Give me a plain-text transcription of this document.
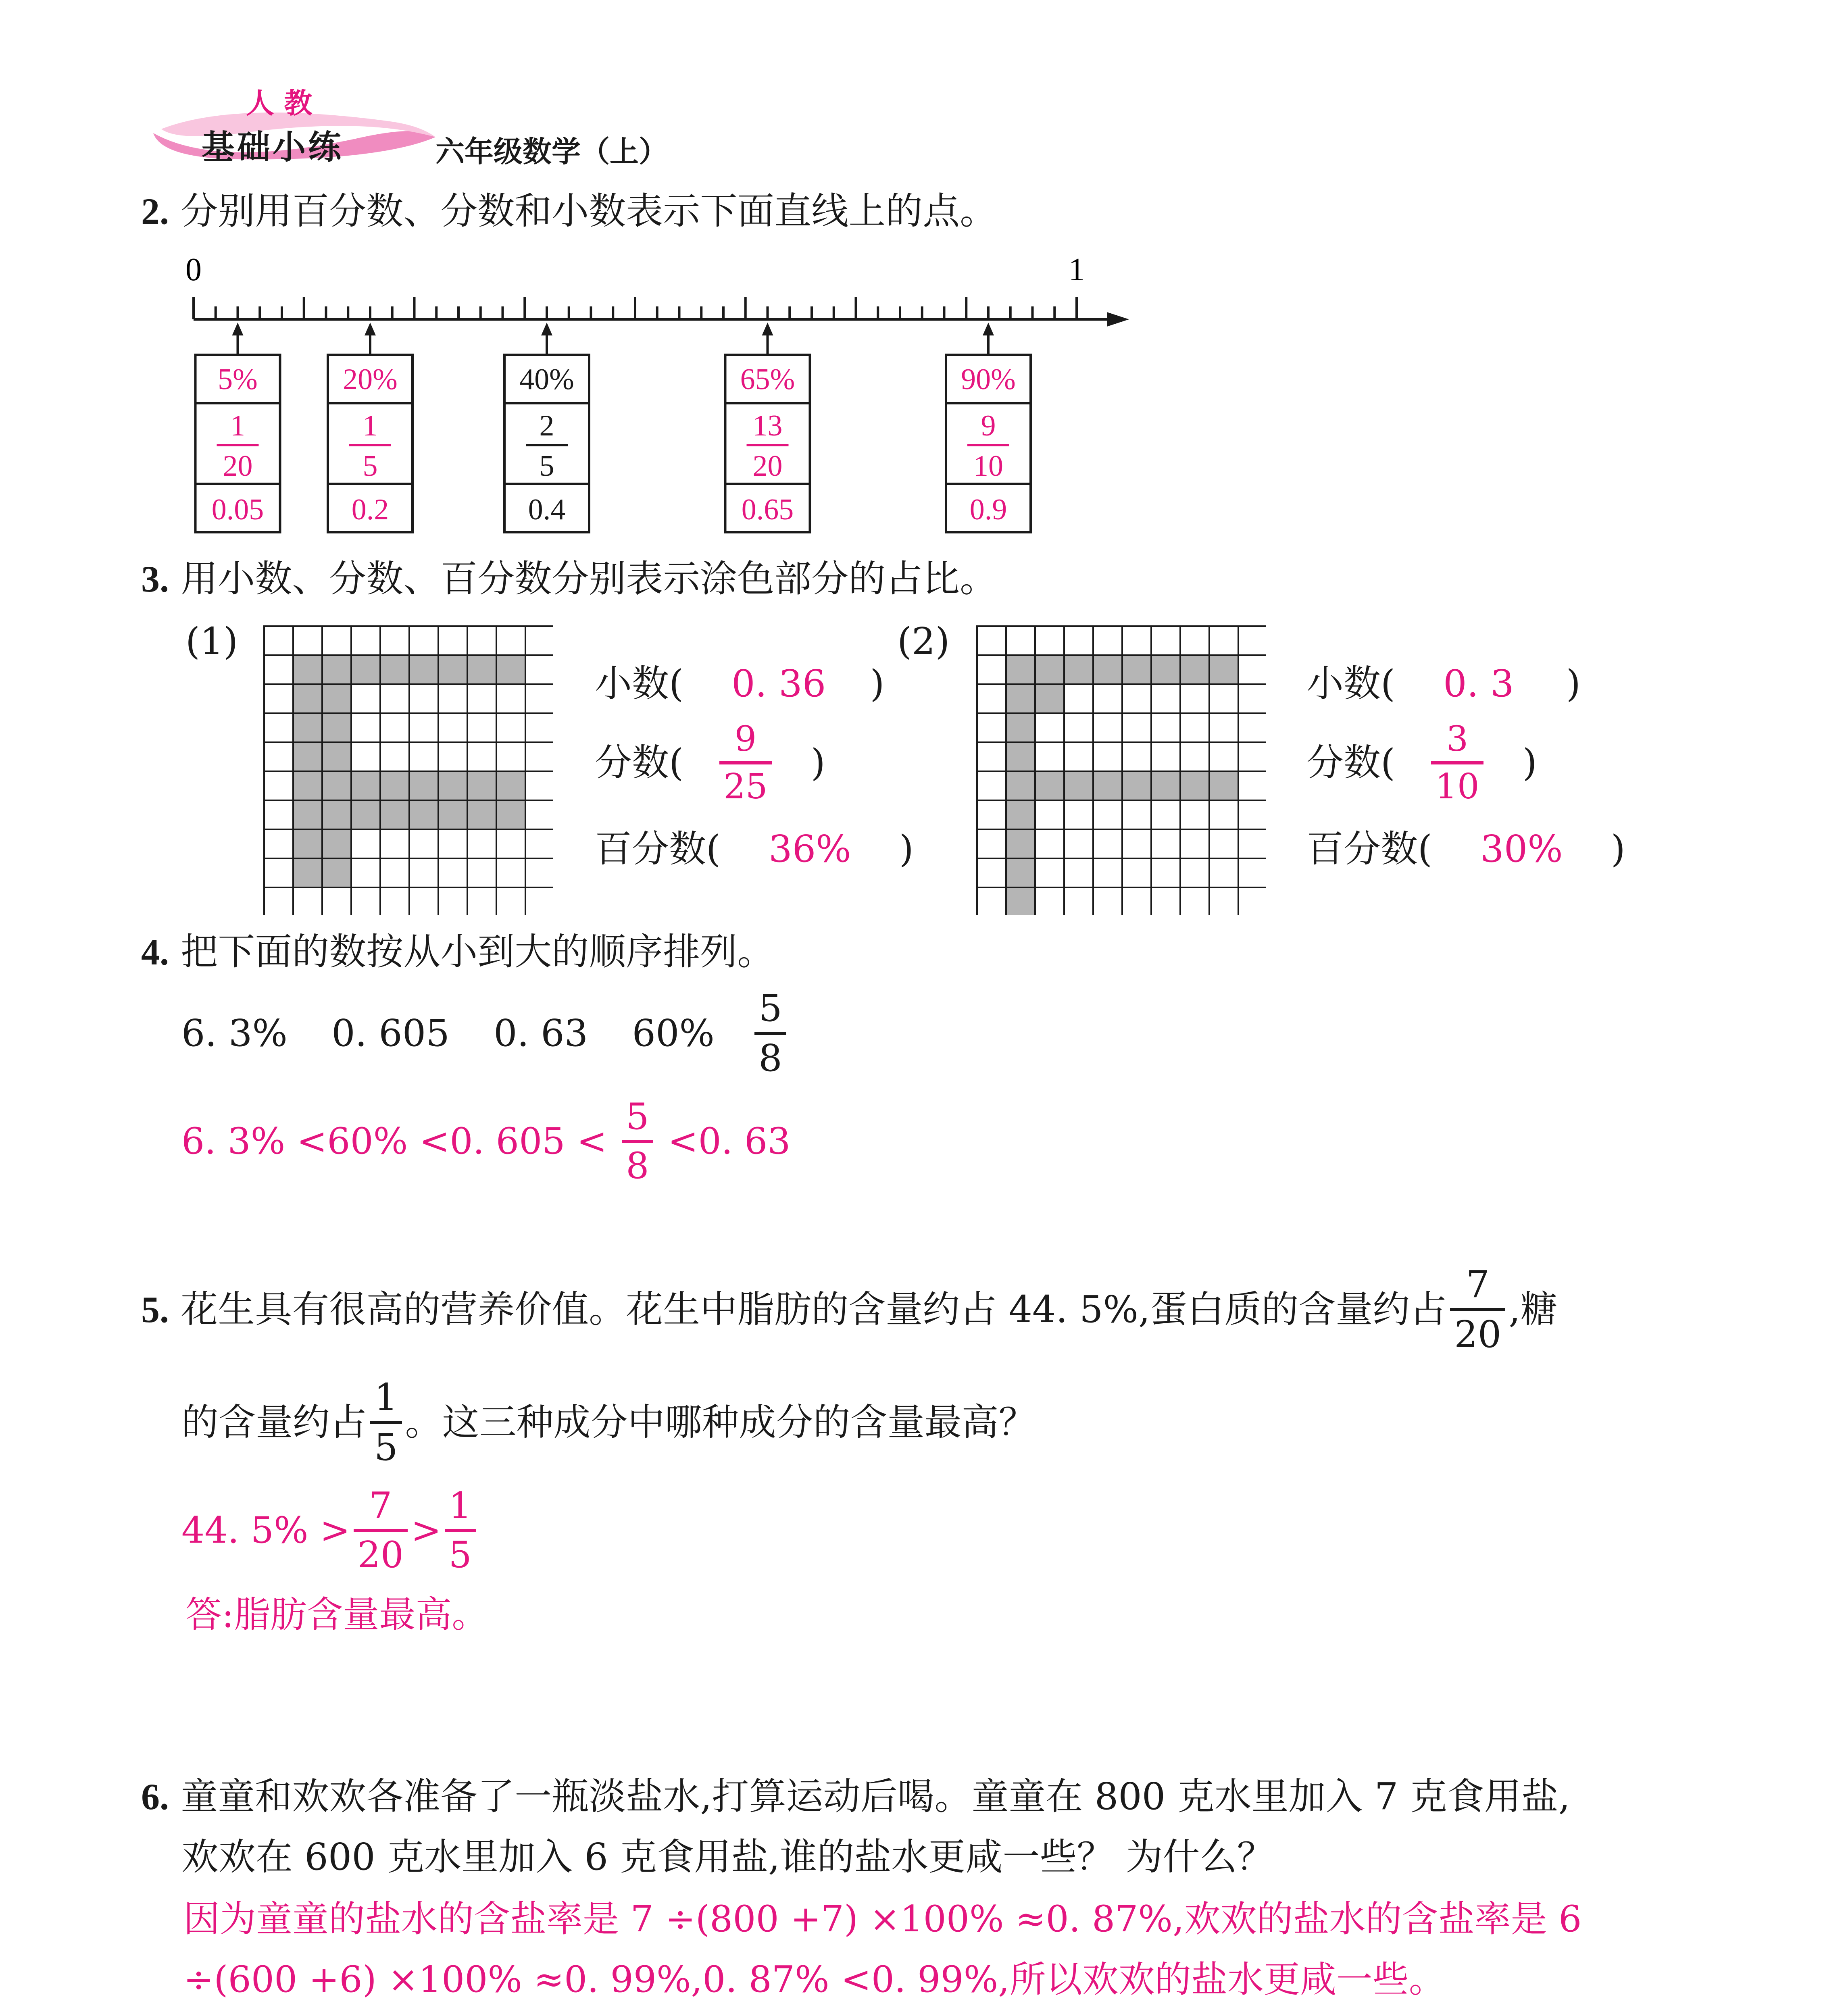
人 教
基础小练	六年级数学（上）
2. 分别用百分数、分数和小数表示下面直线上的点。
0	1
5%
1
20
0.05
20%
1
5
0.2
40%
2
5
0.4
65%
13
20
0.65
90%
9
10
0.9
3. 用小数、分数、百分数分别表示涂色部分的占比。
(1)
小数( 0. 36 )
分数( $\frac{9}{25}$ )
百分数( 36% )
(2)
小数( 0. 3 )
分数( $\frac{3}{10}$ )
百分数( 30% )
4. 把下面的数按从小到大的顺序排列。
6. 3% 0. 605 0. 63 $60\% \frac{5}{8}$
6. 3% <60% <0. $605 < \frac{5}{8} <0$. 63
5. 花生具有很高的营养价值。花生中脂肪的含量约占 44. 5%,蛋白质的含量约占 $\frac{7}{20}$ ,糖
的含量约占 $\frac{1}{5}$ 。这三种成分中哪种成分的含量最高？
44. $5\% > \frac{7}{20} > \frac{1}{5}$
答:脂肪含量最高。
6. 童童和欢欢各准备了一瓶淡盐水,打算运动后喝。童童在 800 克水里加入 7 克食用盐,
欢欢在 600 克水里加入 6 克食用盐,谁的盐水更咸一些？ 为什么？
因为童童的盐水的含盐率是 7 ÷(800 +7) ×100% ≈0. 87%,欢欢的盐水的含盐率是 6
÷(600 +6) ×100% ≈0. 99%,0. 87% <0. 99%,所以欢欢的盐水更咸一些。
